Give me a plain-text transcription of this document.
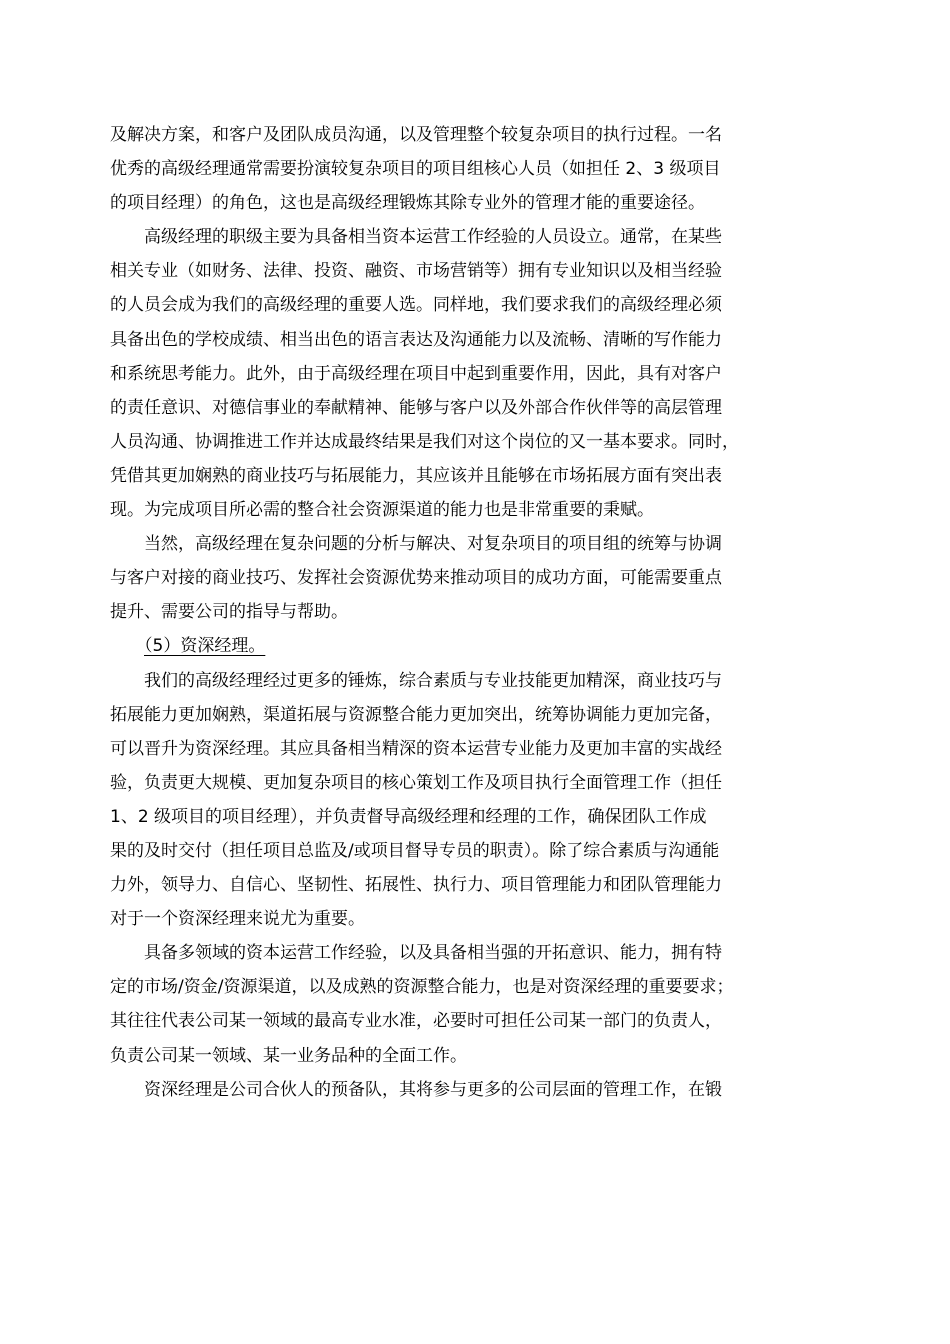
及解决方案，和客户及团队成员沟通，以及管理整个较复杂项目的执行过程。一名
优秀的高级经理通常需要扮演较复杂项目的项目组核心人员（如担任 2、3 级项目
的项目经理）的角色，这也是高级经理锻炼其除专业外的管理才能的重要途径。
　　高级经理的职级主要为具备相当资本运营工作经验的人员设立。通常，在某些
相关专业（如财务、法律、投资、融资、市场营销等）拥有专业知识以及相当经验
的人员会成为我们的高级经理的重要人选。同样地，我们要求我们的高级经理必须
具备出色的学校成绩、相当出色的语言表达及沟通能力以及流畅、清晰的写作能力
和系统思考能力。此外，由于高级经理在项目中起到重要作用，因此，具有对客户
的责任意识、对德信事业的奉献精神、能够与客户以及外部合作伙伴等的高层管理
人员沟通、协调推进工作并达成最终结果是我们对这个岗位的又一基本要求。同时，
凭借其更加娴熟的商业技巧与拓展能力，其应该并且能够在市场拓展方面有突出表
现。为完成项目所必需的整合社会资源渠道的能力也是非常重要的秉赋。
　　当然，高级经理在复杂问题的分析与解决、对复杂项目的项目组的统筹与协调
与客户对接的商业技巧、发挥社会资源优势来推动项目的成功方面，可能需要重点
提升、需要公司的指导与帮助。
　　（5）资深经理。
　　我们的高级经理经过更多的锤炼，综合素质与专业技能更加精深，商业技巧与
拓展能力更加娴熟，渠道拓展与资源整合能力更加突出，统筹协调能力更加完备，
可以晋升为资深经理。其应具备相当精深的资本运营专业能力及更加丰富的实战经
验，负责更大规模、更加复杂项目的核心策划工作及项目执行全面管理工作（担任
1、2 级项目的项目经理），并负责督导高级经理和经理的工作，确保团队工作成
果的及时交付（担任项目总监及/或项目督导专员的职责）。除了综合素质与沟通能
力外，领导力、自信心、坚韧性、拓展性、执行力、项目管理能力和团队管理能力
对于一个资深经理来说尤为重要。
　　具备多领域的资本运营工作经验，以及具备相当强的开拓意识、能力，拥有特
定的市场/资金/资源渠道，以及成熟的资源整合能力，也是对资深经理的重要要求；
其往往代表公司某一领域的最高专业水准，必要时可担任公司某一部门的负责人，
负责公司某一领域、某一业务品种的全面工作。
　　资深经理是公司合伙人的预备队，其将参与更多的公司层面的管理工作，在锻
